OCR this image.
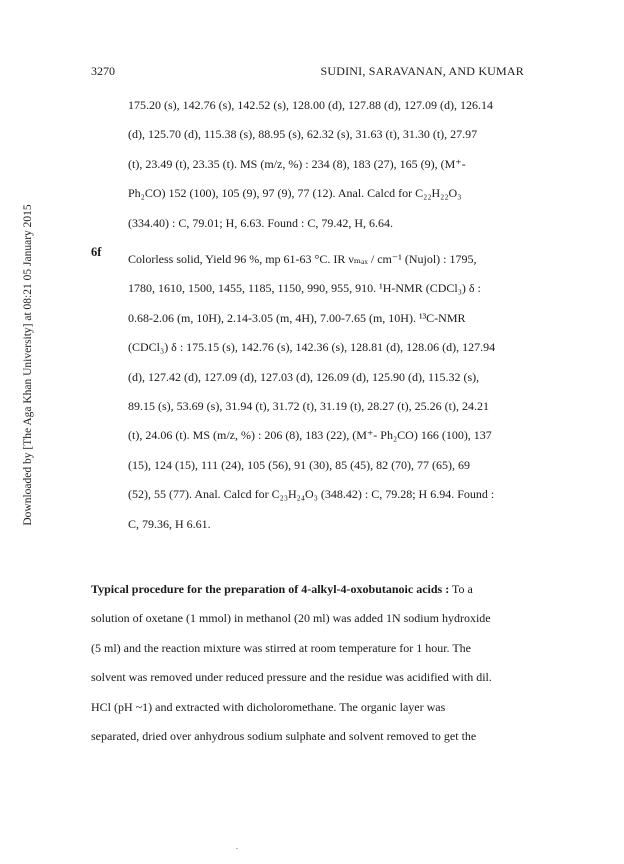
Downloaded by [The Aga Khan University] at 08:21 05 January 2015
3270	SUDINI, SARAVANAN, AND KUMAR
175.20 (s), 142.76 (s), 142.52 (s), 128.00 (d), 127.88 (d), 127.09 (d), 126.14
(d), 125.70 (d), 115.38 (s), 88.95 (s), 62.32 (s), 31.63 (t), 31.30 (t), 27.97
(t), 23.49 (t), 23.35 (t). MS (m/z, %) : 234 (8), 183 (27), 165 (9), (M⁺-
Ph₂CO) 152 (100), 105 (9), 97 (9), 77 (12). Anal. Calcd for C₂₂H₂₂O₃
(334.40) : C, 79.01; H, 6.63. Found : C, 79.42, H, 6.64.
6f Colorless solid, Yield 96 %, mp 61-63 °C. IR νₘₐₓ / cm⁻¹ (Nujol) : 1795,
1780, 1610, 1500, 1455, 1185, 1150, 990, 955, 910. ¹H-NMR (CDCl₃) δ :
0.68-2.06 (m, 10H), 2.14-3.05 (m, 4H), 7.00-7.65 (m, 10H). ¹³C-NMR
(CDCl₃) δ : 175.15 (s), 142.76 (s), 142.36 (s), 128.81 (d), 128.06 (d), 127.94
(d), 127.42 (d), 127.09 (d), 127.03 (d), 126.09 (d), 125.90 (d), 115.32 (s),
89.15 (s), 53.69 (s), 31.94 (t), 31.72 (t), 31.19 (t), 28.27 (t), 25.26 (t), 24.21
(t), 24.06 (t). MS (m/z, %) : 206 (8), 183 (22), (M⁺- Ph₂CO) 166 (100), 137
(15), 124 (15), 111 (24), 105 (56), 91 (30), 85 (45), 82 (70), 77 (65), 69
(52), 55 (77). Anal. Calcd for C₂₃H₂₄O₃ (348.42) : C, 79.28; H 6.94. Found :
C, 79.36, H 6.61.
Typical procedure for the preparation of 4-alkyl-4-oxobutanoic acids : To a
solution of oxetane (1 mmol) in methanol (20 ml) was added 1N sodium hydroxide
(5 ml) and the reaction mixture was stirred at room temperature for 1 hour. The
solvent was removed under reduced pressure and the residue was acidified with dil.
HCl (pH ~1) and extracted with dicholoromethane. The organic layer was
separated, dried over anhydrous sodium sulphate and solvent removed to get the
